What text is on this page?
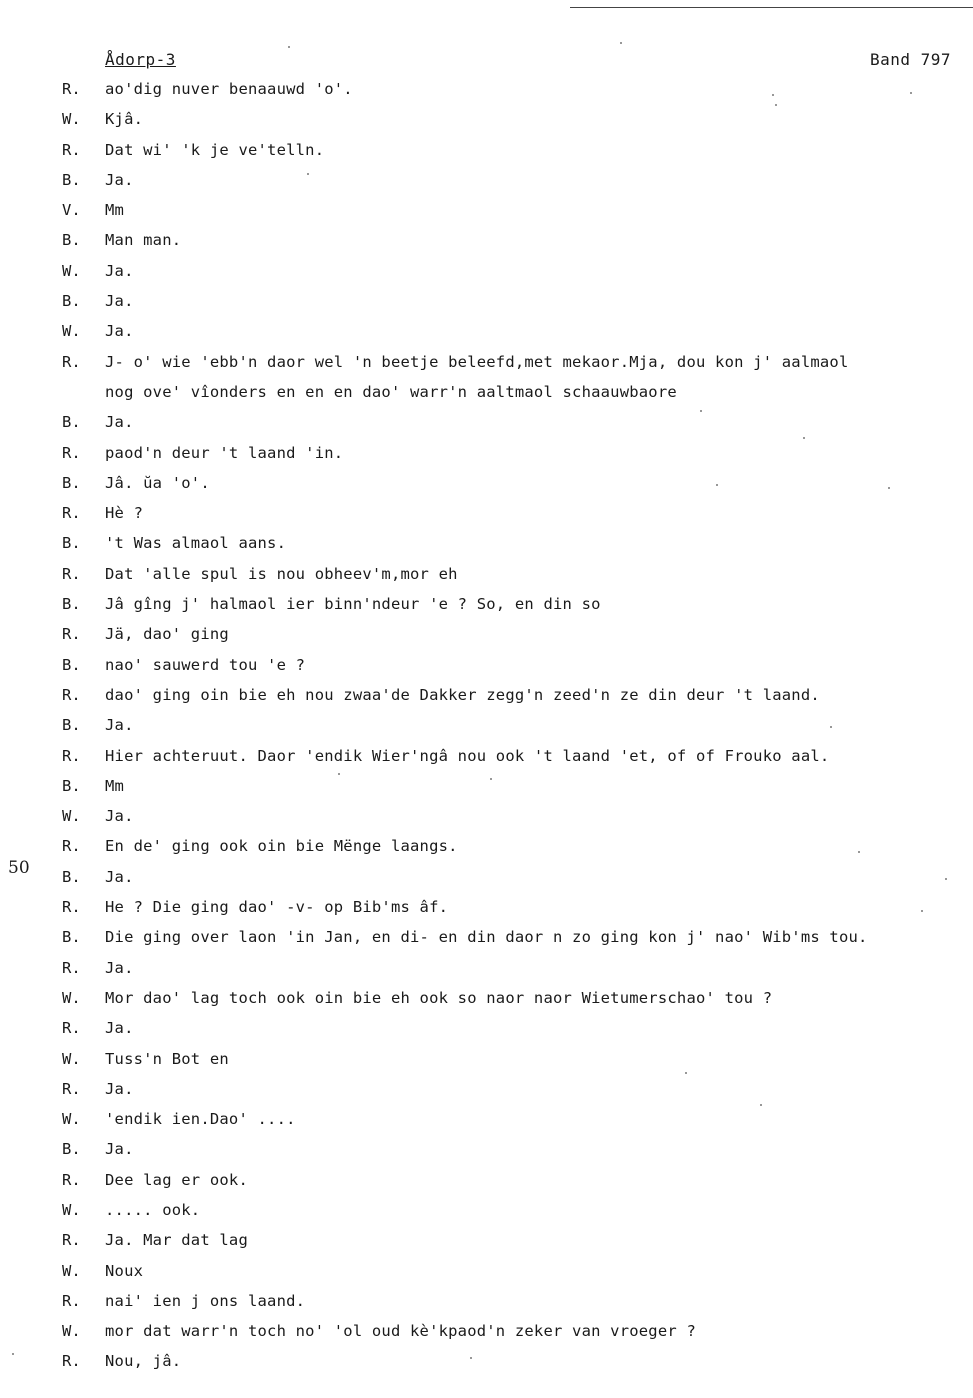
Ådorp-3	Band 797
50
R.	ao'dig nuver benaauwd 'o'.
W.	Kjâ.
R.	Dat wi' 'k je ve'telln.
B.	Ja.
V.	Mm
B.	Man man.
W.	Ja.
B.	Ja.
W.	Ja.
R.	J- o' wie 'ebb'n daor wel 'n beetje beleefd,met mekaor.Mja, dou kon j' aalmaol
nog ove' vîonders en en en dao' warr'n aaltmaol schaauwbaore
B.	Ja.
R.	paod'n deur 't laand 'in.
B.	Jâ. ŭa 'o'.
R.	Hè ?
B.	't Was almaol aans.
R.	Dat 'alle spul is nou obheev'm,mor eh
B.	Jâ gîng j' halmaol ier binn'ndeur 'e ? So, en din so
R.	Jä, dao' ging
B.	nao' sauwerd tou 'e ?
R.	dao' ging oin bie eh nou zwaa'de Dakker zegg'n zeed'n ze din deur 't laand.
B.	Ja.
R.	Hier achteruut. Daor 'endik Wier'ngâ nou ook 't laand 'et, of of Frouko aal.
B.	Mm
W.	Ja.
R.	En de' ging ook oin bie Mënge laangs.
B.	Ja.
R.	He ? Die ging dao' -v- op Bib'ms âf.
B.	Die ging over laon 'in Jan, en di- en din daor n zo ging kon j' nao' Wib'ms tou.
R.	Ja.
W.	Mor dao' lag toch ook oin bie eh ook so naor naor Wietumerschao' tou ?
R.	Ja.
W.	Tuss'n Bot en
R.	Ja.
W.	'endik ien.Dao' ....
B.	Ja.
R.	Dee lag er ook.
W.	..... ook.
R.	Ja. Mar dat lag
W.	Noux
R.	nai' ien j ons laand.
W.	mor dat warr'n toch no' 'ol oud kè'kpaod'n zeker van vroeger ?
R.	Nou, jâ.
